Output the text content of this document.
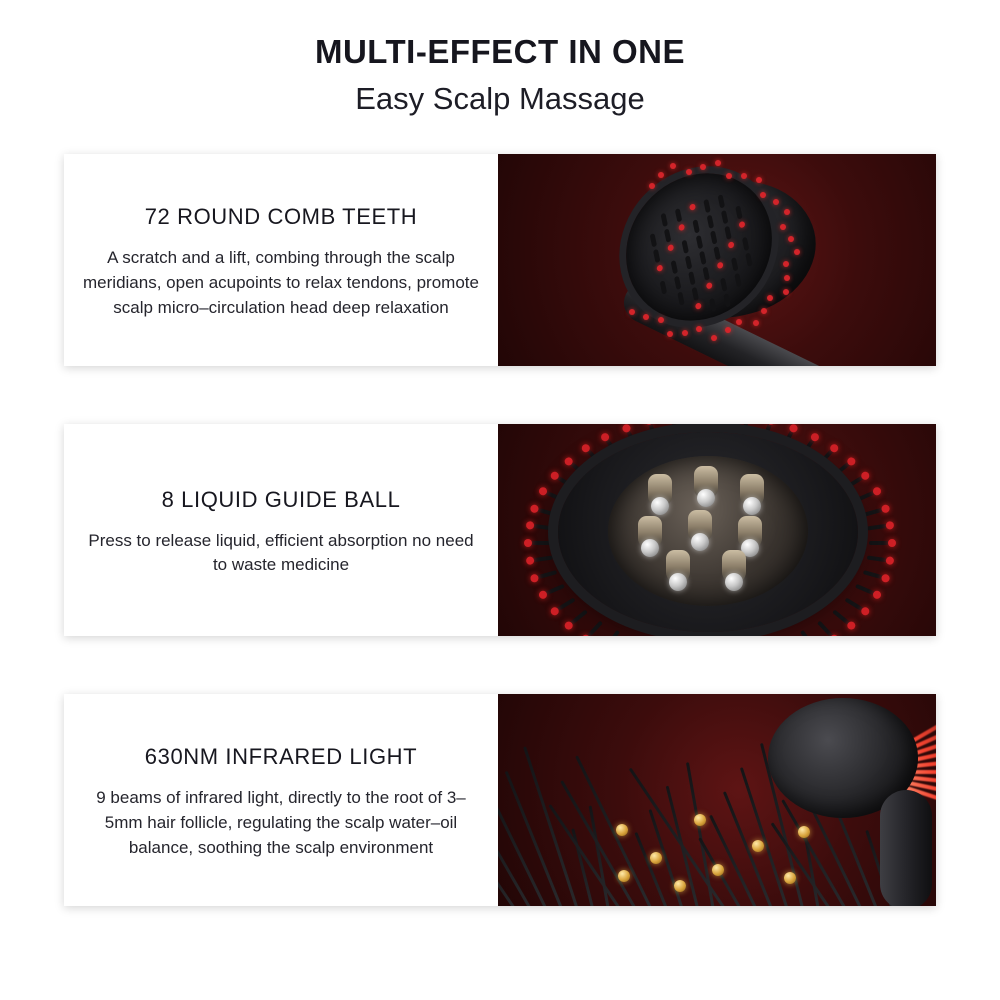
MULTI-EFFECT IN ONE
Easy Scalp Massage
72 ROUND COMB TEETH
A scratch and a lift, combing through the scalp meridians, open acupoints to relax tendons, promote scalp micro–circulation head deep relaxation
8 LIQUID GUIDE BALL
Press to release liquid, efficient absorption no need to waste medicine
630NM INFRARED LIGHT
9 beams of infrared light, directly to the root of 3–5mm hair follicle, regulating the scalp water–oil balance, soothing the scalp environment
